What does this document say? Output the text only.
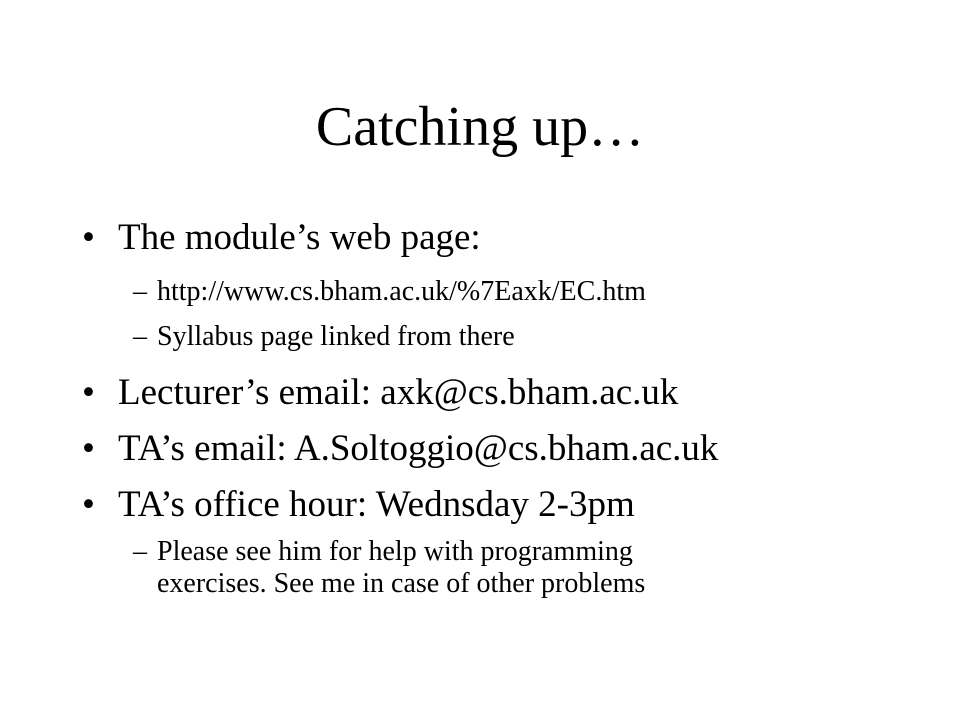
Catching up…
• The module’s web page:
– http://www.cs.bham.ac.uk/%7Eaxk/EC.htm
– Syllabus page linked from there
• Lecturer’s email: axk@cs.bham.ac.uk
• TA’s email: A.Soltoggio@cs.bham.ac.uk
• TA’s office hour: Wednsday 2-3pm
– Please see him for help with programming
exercises. See me in case of other problems
